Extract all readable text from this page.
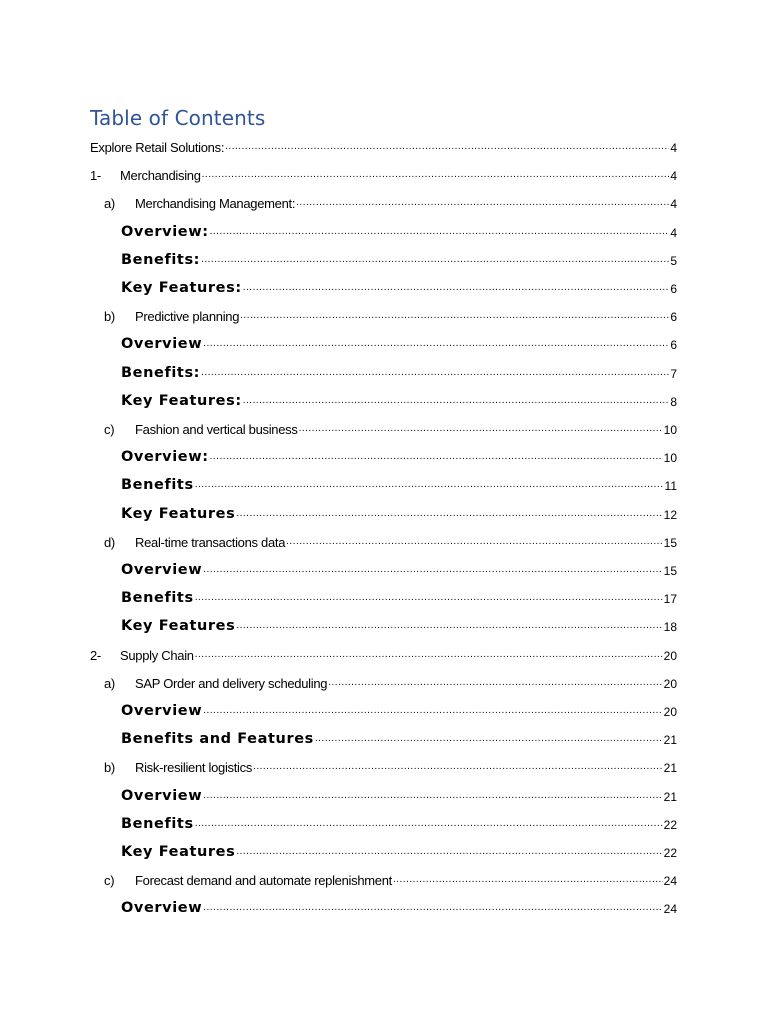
Table of Contents
Explore Retail Solutions: .....	4
1-	Merchandising .....	4
a)	Merchandising Management: .....	4
Overview: .....	4
Benefits: .....	5
Key Features: .....	6
b)	Predictive planning .....	6
Overview .....	6
Benefits: .....	7
Key Features: .....	8
c)	Fashion and vertical business .....	10
Overview: .....	10
Benefits .....	11
Key Features .....	12
d)	Real-time transactions data .....	15
Overview .....	15
Benefits .....	17
Key Features .....	18
2-	Supply Chain .....	20
a)	SAP Order and delivery scheduling .....	20
Overview .....	20
Benefits and Features .....	21
b)	Risk-resilient logistics .....	21
Overview .....	21
Benefits .....	22
Key Features .....	22
c)	Forecast demand and automate replenishment .....	24
Overview .....	24
